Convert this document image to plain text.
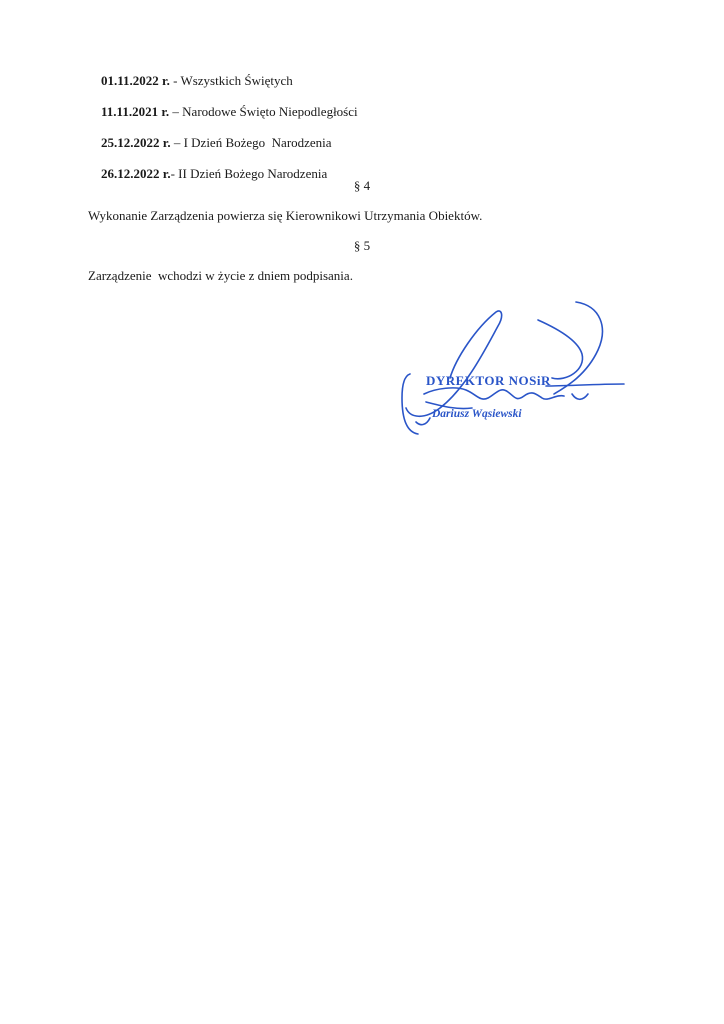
01.11.2022 r. - Wszystkich Świętych

11.11.2021 r. – Narodowe Święto Niepodległości

25.12.2022 r. – I Dzień Bożego  Narodzenia

26.12.2022 r.- II Dzień Bożego Narodzenia

§ 4
Wykonanie Zarządzenia powierza się Kierownikowi Utrzymania Obiektów.
§ 5
Zarządzenie  wchodzi w życie z dniem podpisania.
DYREKTOR NOSiR
Dariusz Wąsiewski
